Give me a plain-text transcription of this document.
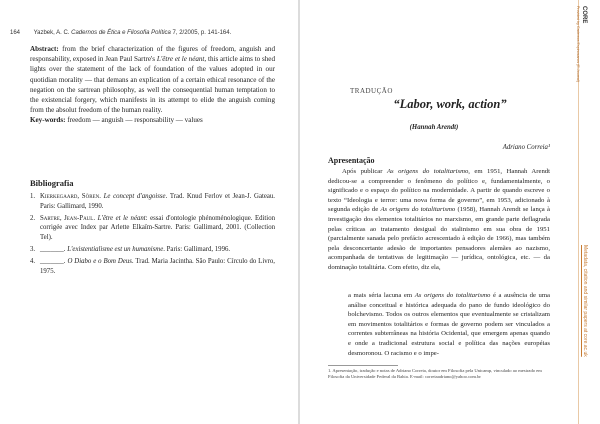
164 Yazbek, A. C. Cadernos de Ética e Filosofia Política 7, 2/2005, p. 141-164.
Abstract: from the brief characterization of the figures of freedom, anguish and responsability, exposed in Jean Paul Sartre's L'être et le néant, this article aims to shed lights over the statement of the lack of foundation of the values adopted in our quotidian morality — that demans an explication of a certain ethical resonance of the negation on the sartrean philosophy, as well the consequential human temptation to the existencial forgery, which manifests in its attempt to elide the anguish coming from the absolut freedom of the human reality.
Key-words: freedom — anguish — responsability — values
Bibliografia
1. Kierkegaard, Sören. Le concept d'angoisse. Trad. Knud Ferlov et Jean-J. Gateau. Paris: Gallimard, 1990.
2. Sartre, Jean-Paul. L'être et le néant: essai d'ontologie phénoménologique. Edition corrigée avec Index par Arlette Elkaïm-Sartre. Paris: Gallimard, 2001. (Collection Tel).
3. _______. L'existentialisme est un humanisme. Paris: Gallimard, 1996.
4. _______. O Diabo e o Bom Deus. Trad. Maria Jacintha. São Paulo: Círculo do Livro, 1975.
TRADUÇÃO
“Labor, work, action”
(Hannah Arendt)
Adriano Correia¹
Apresentação
Após publicar As origens do totalitarismo, em 1951, Hannah Arendt dedicou-se a compreender o fenômeno do político e, fundamentalmente, o significado e o espaço do político na modernidade. A partir de quando escreve o texto “Ideologia e terror: uma nova forma de governo”, em 1953, adicionado à segunda edição de As origens do totalitarismo (1958), Hannah Arendt se lança à investigação dos elementos totalitários no marxismo, em grande parte deflagrada pelas críticas ao tratamento desigual do stalinismo em sua obra de 1951 (parcialmente sanada pelo prefácio acrescentado à edição de 1966), mas também pela desconcertante adesão de importantes pensadores alemães ao nazismo, acompanhada de tentativas de legitimação — jurídica, ontológica, etc. — da dominação totalitária. Com efeito, diz ela,
a mais séria lacuna em As origens do totalitarismo é a ausência de uma análise conceitual e histórica adequada do pano de fundo ideológico do bolchevismo. Todos os outros elementos que eventualmente se cristalizam em movimentos totalitários e formas de governo podem ser vinculados a correntes subterrâneas na história Ocidental, que emergem apenas quando e onde a tradicional estrutura social e política das nações européias desmoronou. O racismo e o impe-
1. Apresentação, tradução e notas de Adriano Correia, doutor em Filosofia pela Unicamp, vinculado ao mestrado em Filosofia da Universidade Federal da Bahia. E-mail: correiaadriano@yahoo.com.br
Provided by Cadernos Espinosanos (E-Journal) CORE
Metadata, citation and similar papers at core.ac.uk
